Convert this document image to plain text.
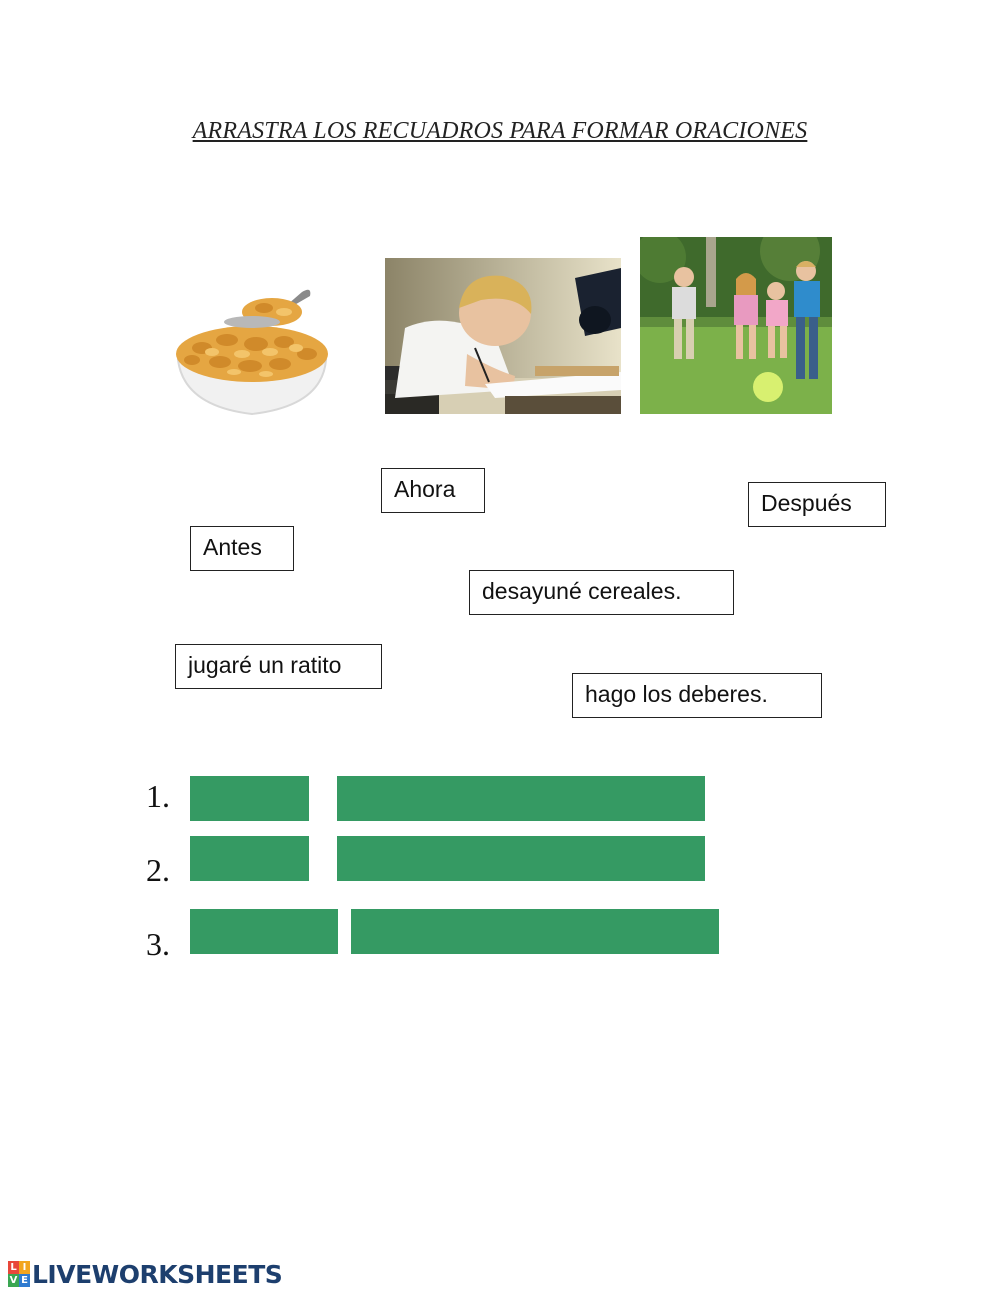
ARRASTRA LOS RECUADROS PARA FORMAR ORACIONES
Ahora
Después
Antes
desayuné cereales.
jugaré un ratito
hago los deberes.
1.
2.
3.
L I
V E LIVEWORKSHEETS
